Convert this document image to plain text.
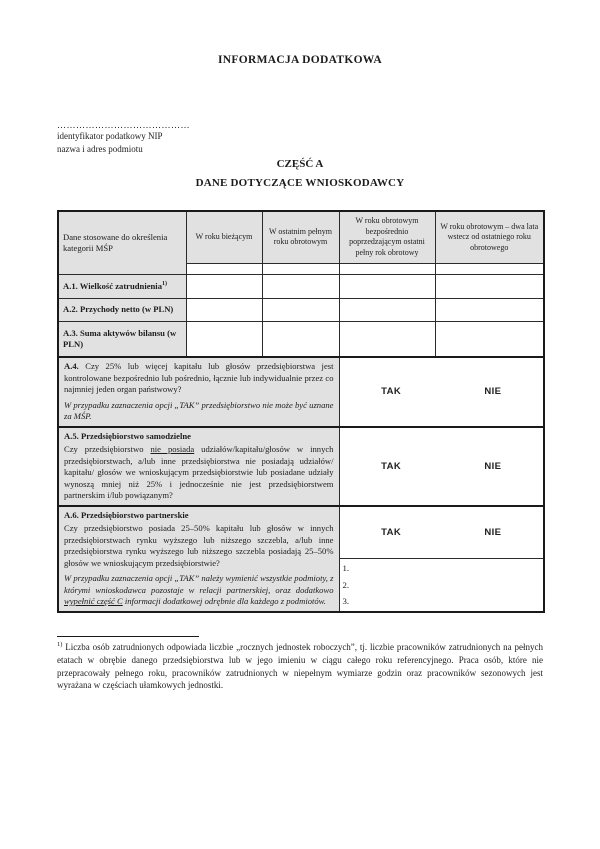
INFORMACJA DODATKOWA
……………………………………
identyfikator podatkowy NIP
nazwa i adres podmiotu
CZĘŚĆ A
DANE DOTYCZĄCE WNIOSKODAWCY
Dane stosowane do określenia kategorii MŚP	W roku bieżącym	W ostatnim pełnym roku obrotowym	W roku obrotowym bezpośrednio poprzedzającym ostatni pełny rok obrotowy	W roku obrotowym – dwa lata wstecz od ostatniego roku obrotowego

A.1. Wielkość zatrudnienia$^{1)}$				
A.2. Przychody netto (w PLN)				
A.3. Suma aktywów bilansu (w PLN)				

A.4. Czy 25% lub więcej kapitału lub głosów przedsiębiorstwa jest kontrolowane bezpośrednio lub pośrednio, łącznie lub indywidualnie przez co najmniej jeden organ państwowy?

W przypadku zaznaczenia opcji „TAK” przedsiębiorstwo nie może być uznane za MŚP.

TAK	NIE

A.5. Przedsiębiorstwo samodzielne

Czy przedsiębiorstwo nie posiada udziałów/kapitału/głosów w innych przedsiębiorstwach, a/lub inne przedsiębiorstwa nie posiadają udziałów/ kapitału/ głosów we wnioskującym przedsiębiorstwie lub posiadane udziały wynoszą mniej niż 25% i jednocześnie nie jest przedsiębiorstwem partnerskim i/lub powiązanym?

TAK	NIE

A.6. Przedsiębiorstwo partnerskie

Czy przedsiębiorstwo posiada 25–50% kapitału lub głosów w innych przedsiębiorstwach rynku wyższego lub niższego szczebla, a/lub inne przedsiębiorstwa rynku wyższego lub niższego szczebla posiadają 25–50% głosów we wnioskującym przedsiębiorstwie?

W przypadku zaznaczenia opcji „TAK” należy wymienić wszystkie podmioty, z którymi wnioskodawca pozostaje w relacji partnerskiej, oraz dodatkowo wypełnić część C informacji dodatkowej odrębnie dla każdego z podmiotów.

TAK	NIE

			1.
2.
3.	

$^{1)}$ Liczba osób zatrudnionych odpowiada liczbie „rocznych jednostek roboczych”, tj. liczbie pracowników zatrudnionych na pełnych etatach w obrębie danego przedsiębiorstwa lub w jego imieniu w ciągu całego roku referencyjnego. Praca osób, które nie przepracowały pełnego roku, pracowników zatrudnionych w niepełnym wymiarze godzin oraz pracowników sezonowych jest wyrażana w częściach ułamkowych jednostki.
